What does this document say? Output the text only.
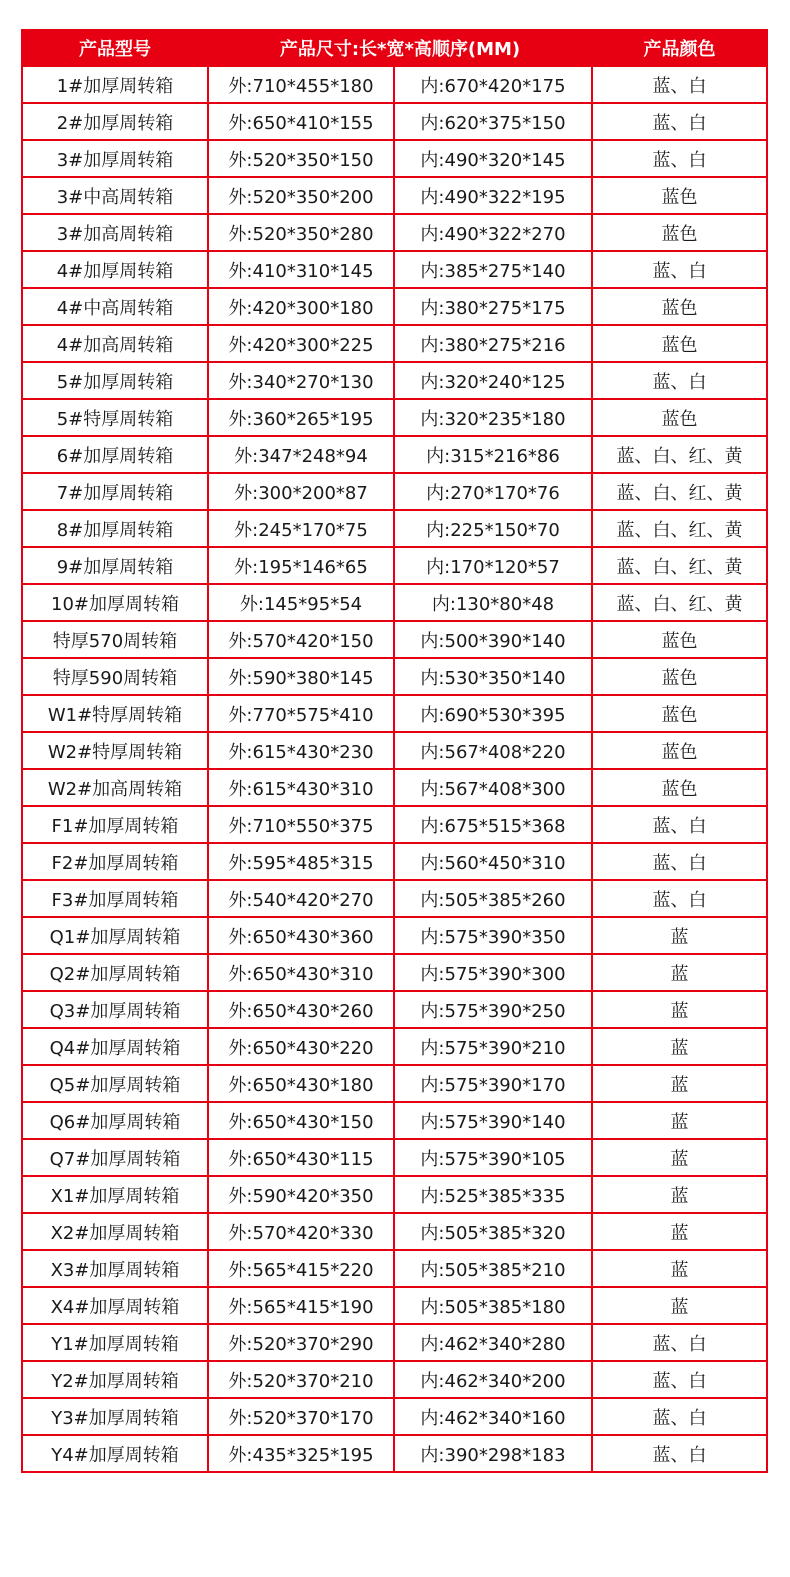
产品型号	产品尺寸:长*宽*高顺序(MM)		产品颜色
1#加厚周转箱	外:710*455*180	内:670*420*175	蓝、白
2#加厚周转箱	外:650*410*155	内:620*375*150	蓝、白
3#加厚周转箱	外:520*350*150	内:490*320*145	蓝、白
3#中高周转箱	外:520*350*200	内:490*322*195	蓝色
3#加高周转箱	外:520*350*280	内:490*322*270	蓝色
4#加厚周转箱	外:410*310*145	内:385*275*140	蓝、白
4#中高周转箱	外:420*300*180	内:380*275*175	蓝色
4#加高周转箱	外:420*300*225	内:380*275*216	蓝色
5#加厚周转箱	外:340*270*130	内:320*240*125	蓝、白
5#特厚周转箱	外:360*265*195	内:320*235*180	蓝色
6#加厚周转箱	外:347*248*94	内:315*216*86	蓝、白、红、黄
7#加厚周转箱	外:300*200*87	内:270*170*76	蓝、白、红、黄
8#加厚周转箱	外:245*170*75	内:225*150*70	蓝、白、红、黄
9#加厚周转箱	外:195*146*65	内:170*120*57	蓝、白、红、黄
10#加厚周转箱	外:145*95*54	内:130*80*48	蓝、白、红、黄
特厚570周转箱	外:570*420*150	内:500*390*140	蓝色
特厚590周转箱	外:590*380*145	内:530*350*140	蓝色
W1#特厚周转箱	外:770*575*410	内:690*530*395	蓝色
W2#特厚周转箱	外:615*430*230	内:567*408*220	蓝色
W2#加高周转箱	外:615*430*310	内:567*408*300	蓝色
F1#加厚周转箱	外:710*550*375	内:675*515*368	蓝、白
F2#加厚周转箱	外:595*485*315	内:560*450*310	蓝、白
F3#加厚周转箱	外:540*420*270	内:505*385*260	蓝、白
Q1#加厚周转箱	外:650*430*360	内:575*390*350	蓝
Q2#加厚周转箱	外:650*430*310	内:575*390*300	蓝
Q3#加厚周转箱	外:650*430*260	内:575*390*250	蓝
Q4#加厚周转箱	外:650*430*220	内:575*390*210	蓝
Q5#加厚周转箱	外:650*430*180	内:575*390*170	蓝
Q6#加厚周转箱	外:650*430*150	内:575*390*140	蓝
Q7#加厚周转箱	外:650*430*115	内:575*390*105	蓝
X1#加厚周转箱	外:590*420*350	内:525*385*335	蓝
X2#加厚周转箱	外:570*420*330	内:505*385*320	蓝
X3#加厚周转箱	外:565*415*220	内:505*385*210	蓝
X4#加厚周转箱	外:565*415*190	内:505*385*180	蓝
Y1#加厚周转箱	外:520*370*290	内:462*340*280	蓝、白
Y2#加厚周转箱	外:520*370*210	内:462*340*200	蓝、白
Y3#加厚周转箱	外:520*370*170	内:462*340*160	蓝、白
Y4#加厚周转箱	外:435*325*195	内:390*298*183	蓝、白
